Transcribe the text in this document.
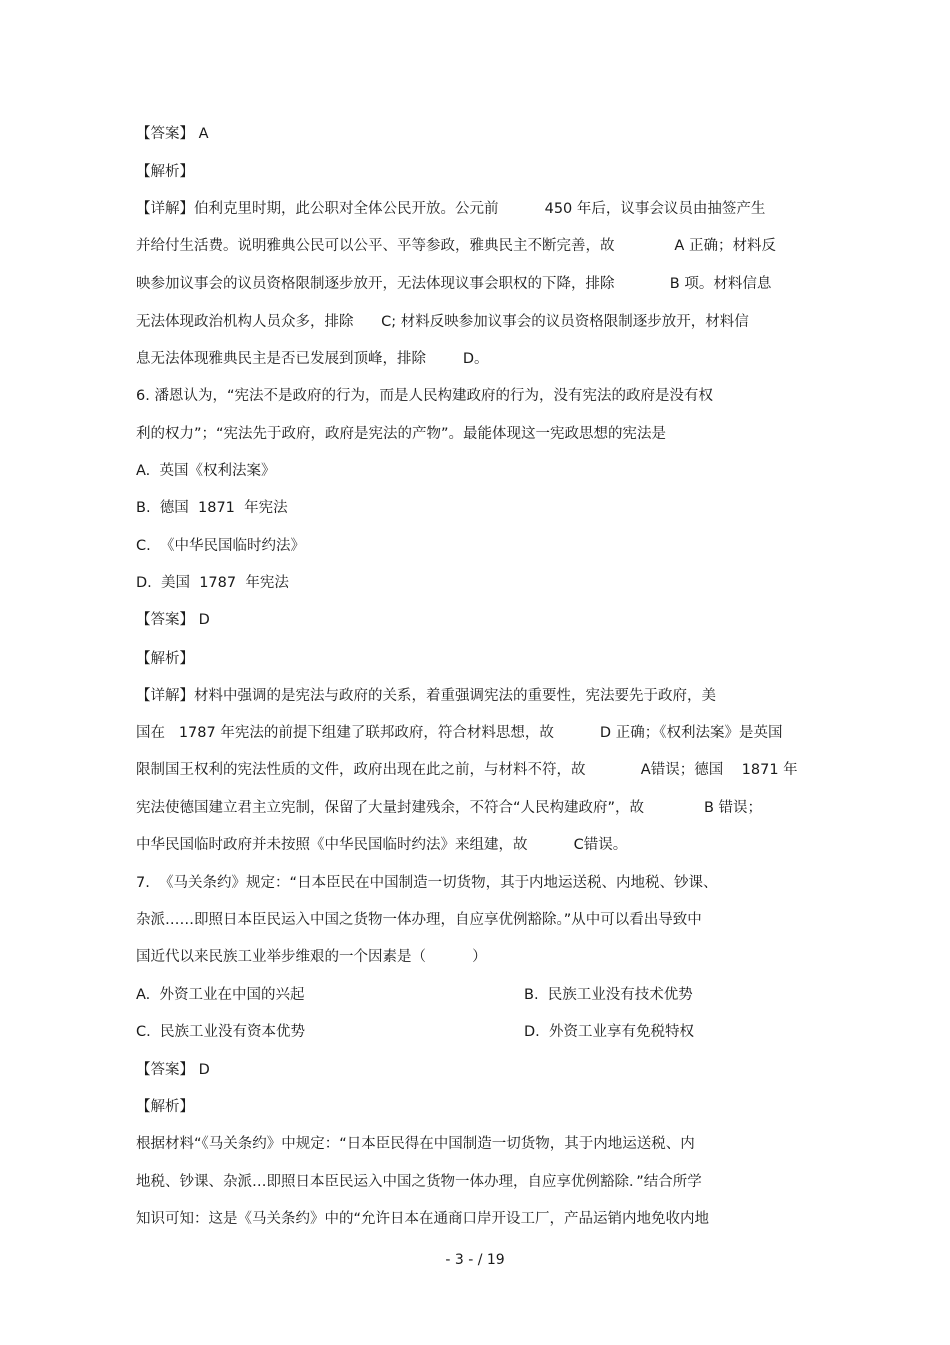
【答案】 A
【解析】
【详解】伯利克里时期，此公职对全体公民开放。公元前          450 年后，议事会议员由抽签产生
并给付生活费。说明雅典公民可以公平、平等参政，雅典民主不断完善，故             A 正确；材料反
映参加议事会的议员资格限制逐步放开，无法体现议事会职权的下降，排除            B 项。材料信息
无法体现政治机构人员众多，排除      C; 材料反映参加议事会的议员资格限制逐步放开，材料信
息无法体现雅典民主是否已发展到顶峰，排除        D。
6. 潘恩认为，“宪法不是政府的行为，而是人民构建政府的行为，没有宪法的政府是没有权
利的权力”；“宪法先于政府，政府是宪法的产物”。最能体现这一宪政思想的宪法是
A.  英国《权利法案》
B.  德国  1871  年宪法
C.  《中华民国临时约法》
D.  美国  1787  年宪法
【答案】 D
【解析】
【详解】材料中强调的是宪法与政府的关系，着重强调宪法的重要性，宪法要先于政府，美
国在   1787 年宪法的前提下组建了联邦政府，符合材料思想，故          D 正确；《权利法案》是英国
限制国王权利的宪法性质的文件，政府出现在此之前，与材料不符，故            A错误；德国    1871 年
宪法使德国建立君主立宪制，保留了大量封建残余，不符合“人民构建政府”，故             B 错误；
中华民国临时政府并未按照《中华民国临时约法》来组建，故          C错误。
7.  《马关条约》规定：“日本臣民在中国制造一切货物，其于内地运送税、内地税、钞课、
杂派……即照日本臣民运入中国之货物一体办理，自应享优例豁除。”从中可以看出导致中
国近代以来民族工业举步维艰的一个因素是（          ）
A.  外资工业在中国的兴起	B.  民族工业没有技术优势
C.  民族工业没有资本优势	D.  外资工业享有免税特权
【答案】 D
【解析】
根据材料“《马关条约》中规定：“日本臣民得在中国制造一切货物，其于内地运送税、内
地税、钞课、杂派…即照日本臣民运入中国之货物一体办理，自应享优例豁除．”结合所学
知识可知：这是《马关条约》中的“允许日本在通商口岸开设工厂，产品运销内地免收内地
- 3 - / 19
